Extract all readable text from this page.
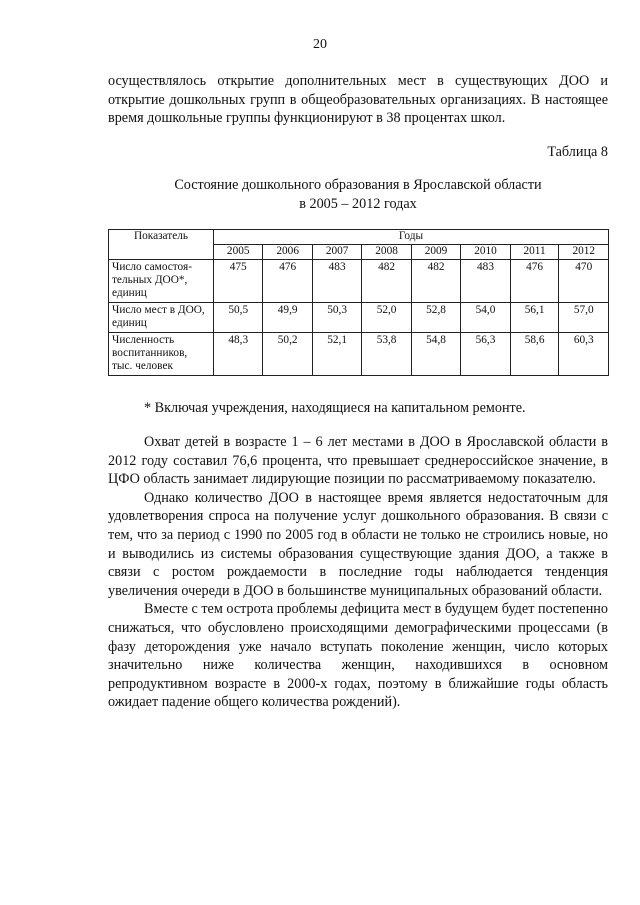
20
осуществлялось открытие дополнительных мест в существующих ДОО и открытие дошкольных групп в общеобразовательных организациях. В настоящее время дошкольные группы функционируют в 38 процентах школ.
Таблица 8
Состояние дошкольного образования в Ярославской области
в 2005 – 2012 годах
Показатель	Годы							
	2005	2006	2007	2008	2009	2010	2011	2012
Число самостоя-тельных ДОО*, единиц	475	476	483	482	482	483	476	470
Число мест в ДОО, единиц	50,5	49,9	50,3	52,0	52,8	54,0	56,1	57,0
Численность воспитанников, тыс. человек	48,3	50,2	52,1	53,8	54,8	56,3	58,6	60,3
* Включая учреждения, находящиеся на капитальном ремонте.

Охват детей в возрасте 1 – 6 лет местами в ДОО в Ярославской области в 2012 году составил 76,6 процента, что превышает среднероссийское значение, в ЦФО область занимает лидирующие позиции по рассматриваемому показателю.

Однако количество ДОО в настоящее время является недостаточным для удовлетворения спроса на получение услуг дошкольного образования. В связи с тем, что за период с 1990 по 2005 год в области не только не строились новые, но и выводились из системы образования существующие здания ДОО, а также в связи с ростом рождаемости в последние годы наблюдается тенденция увеличения очереди в ДОО в большинстве муниципальных образований области.

Вместе с тем острота проблемы дефицита мест в будущем будет постепенно снижаться, что обусловлено происходящими демографическими процессами (в фазу деторождения уже начало вступать поколение женщин, число которых значительно ниже количества женщин, находившихся в основном репродуктивном возрасте в 2000-х годах, поэтому в ближайшие годы область ожидает падение общего количества рождений).
